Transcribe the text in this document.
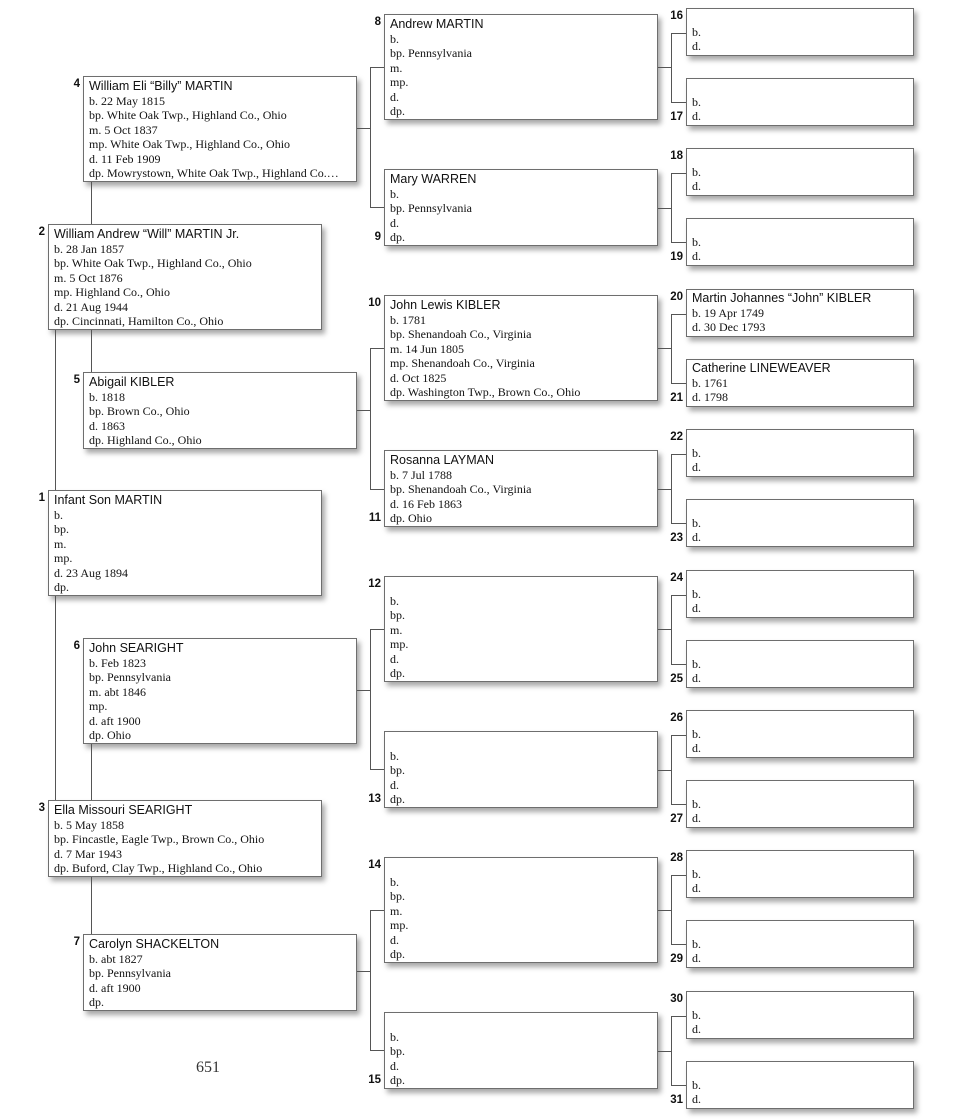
William Eli “Billy” MARTIN
b. 22 May 1815
bp. White Oak Twp., Highland Co., Ohio
m. 5 Oct 1837
mp. White Oak Twp., Highland Co., Ohio
d. 11 Feb 1909
dp. Mowrystown, White Oak Twp., Highland Co.…
4
William Andrew “Will” MARTIN Jr.
b. 28 Jan 1857
bp. White Oak Twp., Highland Co., Ohio
m. 5 Oct 1876
mp. Highland Co., Ohio
d. 21 Aug 1944
dp. Cincinnati, Hamilton Co., Ohio
2
Abigail KIBLER
b. 1818
bp. Brown Co., Ohio
d. 1863
dp. Highland Co., Ohio
5
Infant Son MARTIN
b.
bp.
m.
mp.
d. 23 Aug 1894
dp.
1
John SEARIGHT
b. Feb 1823
bp. Pennsylvania
m. abt 1846
mp.
d. aft 1900
dp. Ohio
6
Ella Missouri SEARIGHT
b. 5 May 1858
bp. Fincastle, Eagle Twp., Brown Co., Ohio
d. 7 Mar 1943
dp. Buford, Clay Twp., Highland Co., Ohio
3
Carolyn SHACKELTON
b. abt 1827
bp. Pennsylvania
d. aft 1900
dp.
7
Andrew MARTIN
b.
bp. Pennsylvania
m.
mp.
d.
dp.
8
Mary WARREN
b.
bp. Pennsylvania
d.
dp.
9
John Lewis KIBLER
b. 1781
bp. Shenandoah Co., Virginia
m. 14 Jun 1805
mp. Shenandoah Co., Virginia
d. Oct 1825
dp. Washington Twp., Brown Co., Ohio
10
Rosanna LAYMAN
b. 7 Jul 1788
bp. Shenandoah Co., Virginia
d. 16 Feb 1863
dp. Ohio
11
b.
bp.
m.
mp.
d.
dp.
12
b.
bp.
d.
dp.
13
b.
bp.
m.
mp.
d.
dp.
14
b.
bp.
d.
dp.
15
b.
d.
16
b.
d.
17
b.
d.
18
b.
d.
19
Martin Johannes “John” KIBLER
b. 19 Apr 1749
d. 30 Dec 1793
20
Catherine LINEWEAVER
b. 1761
d. 1798
21
b.
d.
22
b.
d.
23
b.
d.
24
b.
d.
25
b.
d.
26
b.
d.
27
b.
d.
28
b.
d.
29
b.
d.
30
b.
d.
31
651
